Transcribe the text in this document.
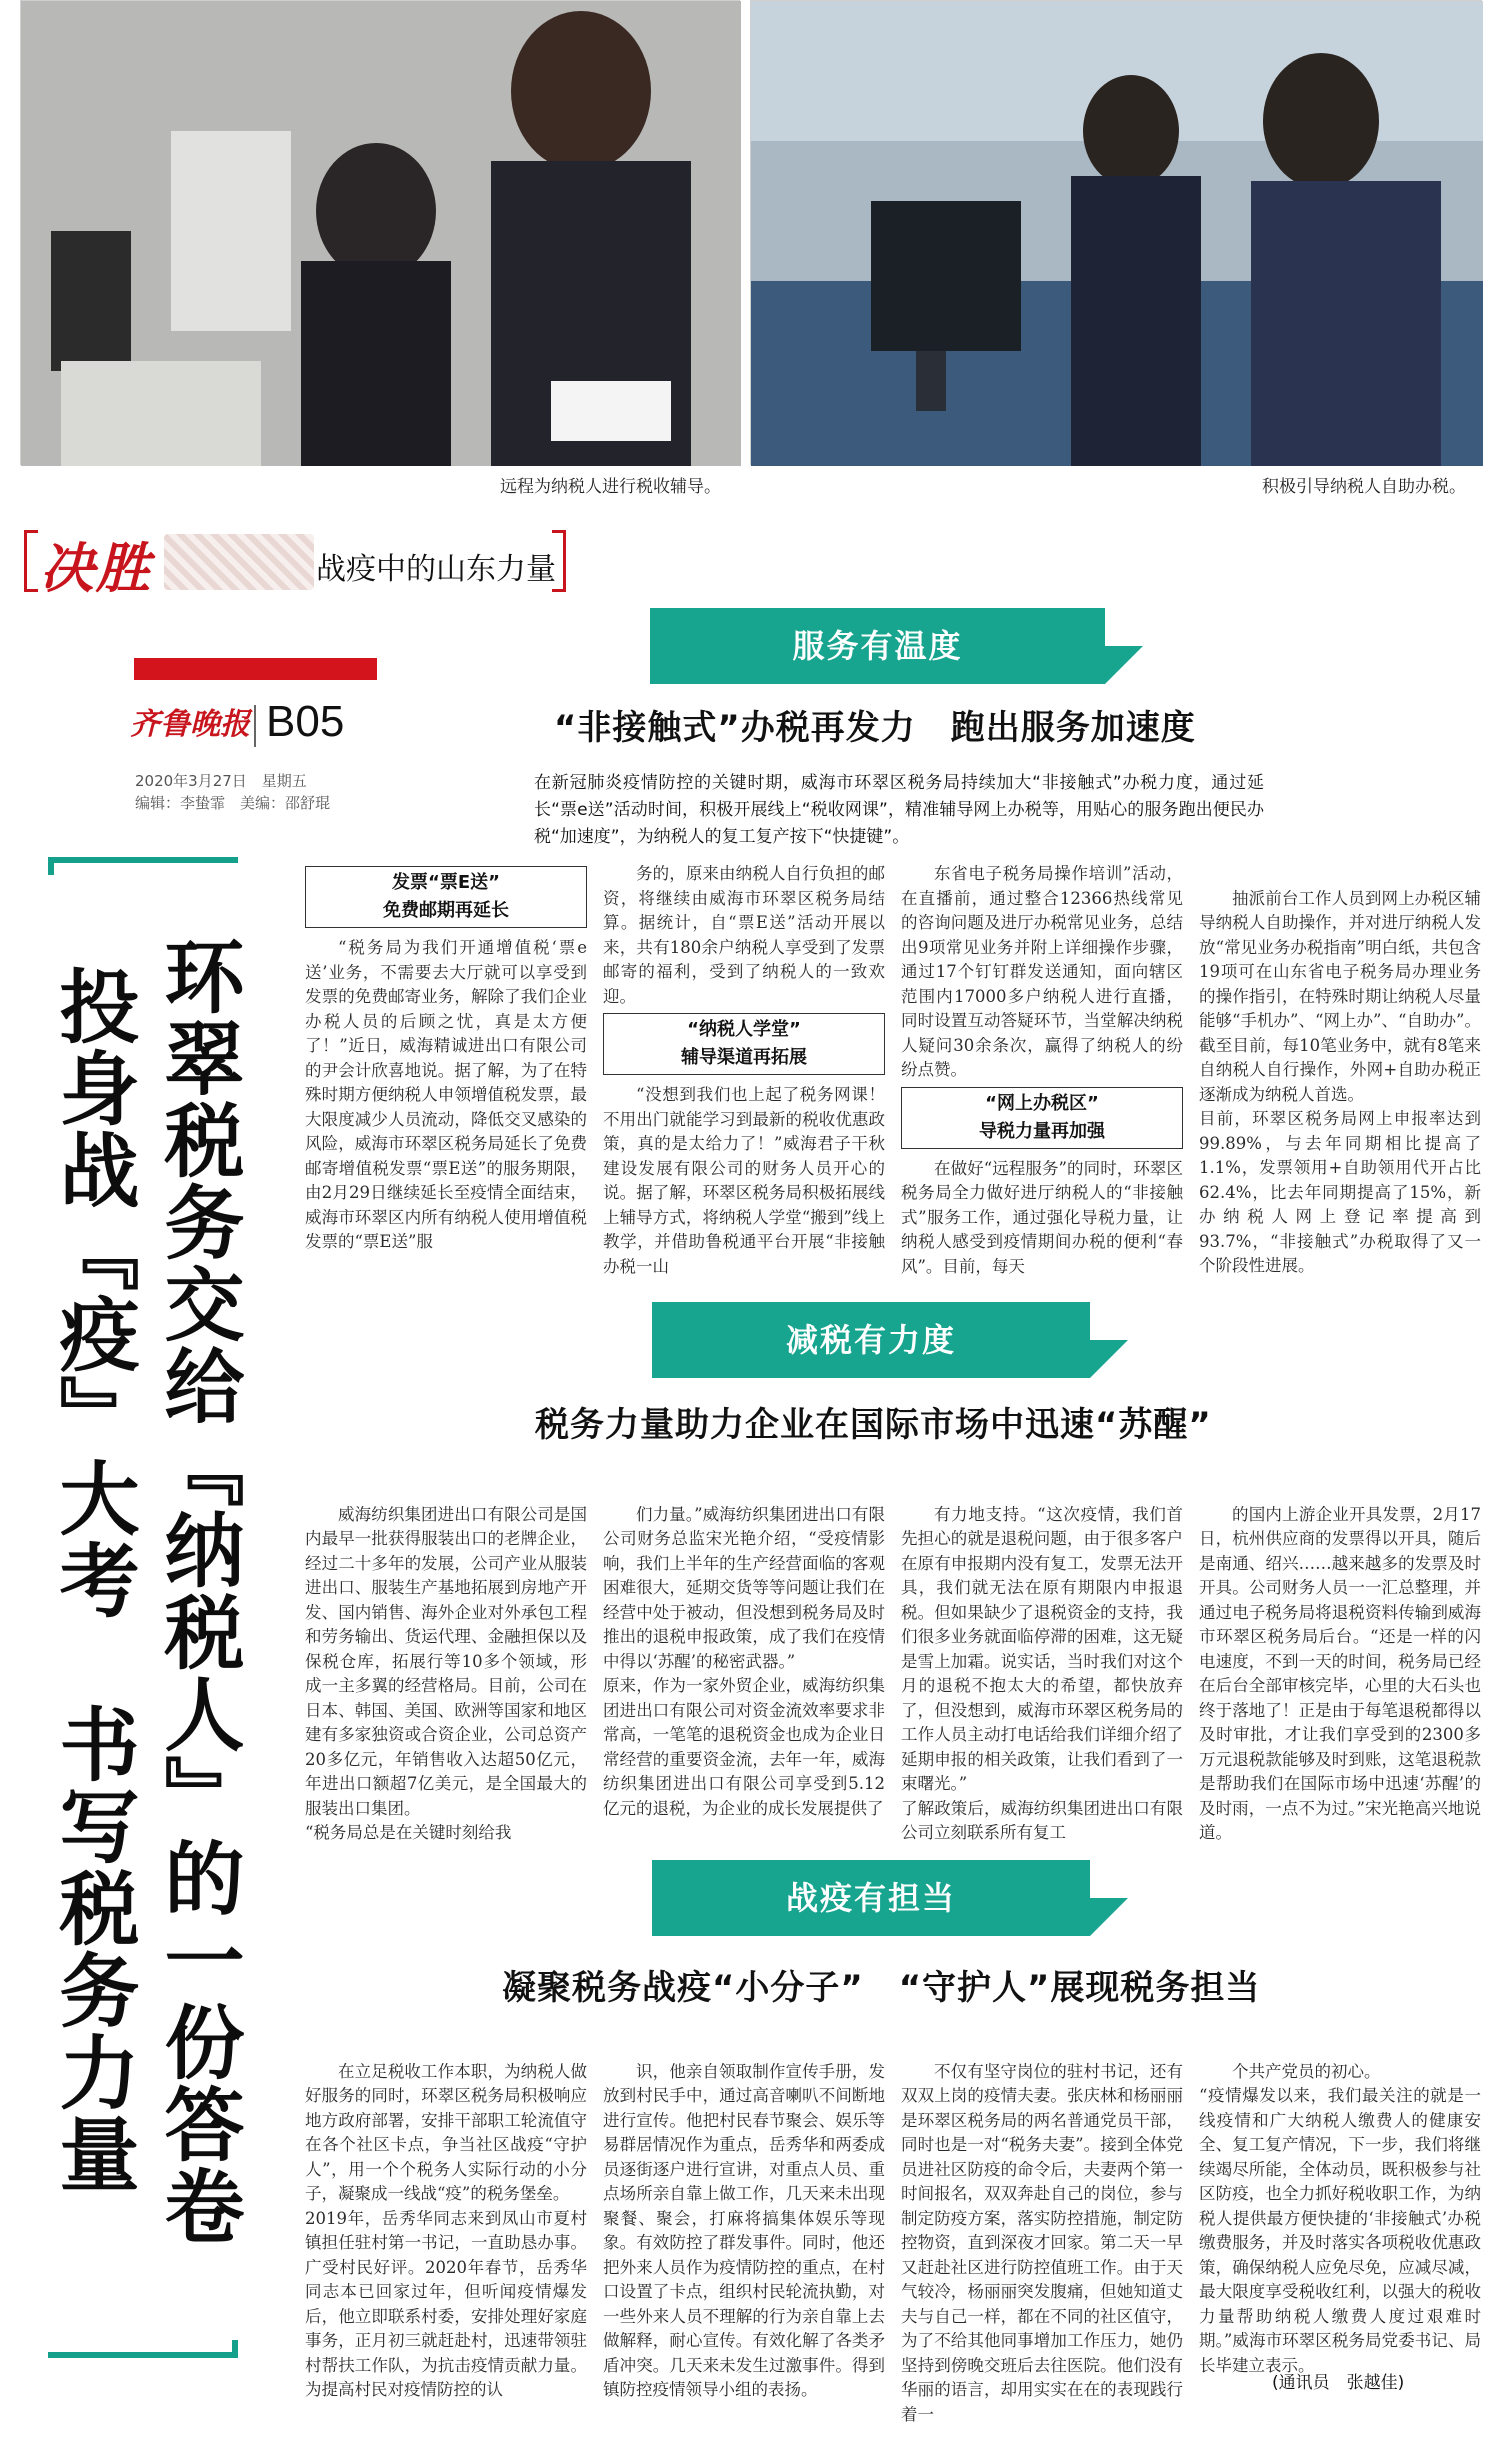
远程为纳税人进行税收辅导。	积极引导纳税人自助办税。
决胜	战疫中的山东力量
齐鲁晚报 B05
2020年3月27日　星期五
编辑：李蛰霏　美编：邵舒琨
环翠税务交给『纳税人』的一份答卷
投身战『疫』大考　书写税务力量
服务有温度
“非接触式”办税再发力　跑出服务加速度
在新冠肺炎疫情防控的关键时期，威海市环翠区税务局持续加大“非接触式”办税力度，通过延长“票e送”活动时间，积极开展线上“税收网课”，精准辅导网上办税等，用贴心的服务跑出便民办税“加速度”，为纳税人的复工复产按下“快捷键”。
发票“票E送”
免费邮期再延长

“税务局为我们开通增值税‘票e送’业务，不需要去大厅就可以享受到发票的免费邮寄业务，解除了我们企业办税人员的后顾之忧，真是太方便了！”近日，威海精诚进出口有限公司的尹会计欣喜地说。据了解，为了在特殊时期方便纳税人申领增值税发票，最大限度减少人员流动，降低交叉感染的风险，威海市环翠区税务局延长了免费邮寄增值税发票“票E送”的服务期限，由2月29日继续延长至疫情全面结束，威海市环翠区内所有纳税人使用增值税发票的“票E送”服

务的，原来由纳税人自行负担的邮资，将继续由威海市环翠区税务局结算。据统计，自“票E送”活动开展以来，共有180余户纳税人享受到了发票邮寄的福利，受到了纳税人的一致欢迎。

“纳税人学堂”
辅导渠道再拓展

“没想到我们也上起了税务网课！不用出门就能学习到最新的税收优惠政策，真的是太给力了！”威海君子干秋建设发展有限公司的财务人员开心的说。据了解，环翠区税务局积极拓展线上辅导方式，将纳税人学堂“搬到”线上教学，并借助鲁税通平台开展“非接触办税一山

东省电子税务局操作培训”活动，在直播前，通过整合12366热线常见的咨询问题及进厅办税常见业务，总结出9项常见业务并附上详细操作步骤，通过17个钉钉群发送通知，面向辖区范围内17000多户纳税人进行直播，同时设置互动答疑环节，当堂解决纳税人疑问30余条次，赢得了纳税人的纷纷点赞。

“网上办税区”
导税力量再加强

在做好“远程服务”的同时，环翠区税务局全力做好进厅纳税人的“非接触式”服务工作，通过强化导税力量，让纳税人感受到疫情期间办税的便利“春风”。目前，每天

抽派前台工作人员到网上办税区辅导纳税人自助操作，并对进厅纳税人发放“常见业务办税指南”明白纸，共包含19项可在山东省电子税务局办理业务的操作指引，在特殊时期让纳税人尽量能够“手机办”、“网上办”、“自助办”。截至目前，每10笔业务中，就有8笔来自纳税人自行操作，外网+自助办税正逐渐成为纳税人首选。
目前，环翠区税务局网上申报率达到99.89%，与去年同期相比提高了1.1%，发票领用+自助领用代开占比62.4%，比去年同期提高了15%，新办纳税人网上登记率提高到93.7%，“非接触式”办税取得了又一个阶段性进展。

减税有力度
税务力量助力企业在国际市场中迅速“苏醒”

威海纺织集团进出口有限公司是国内最早一批获得服装出口的老牌企业，经过二十多年的发展，公司产业从服装进出口、服装生产基地拓展到房地产开发、国内销售、海外企业对外承包工程和劳务输出、货运代理、金融担保以及保税仓库，拓展行等10多个领域，形成一主多翼的经营格局。目前，公司在日本、韩国、美国、欧洲等国家和地区建有多家独资或合资企业，公司总资产20多亿元，年销售收入达超50亿元，年进出口额超7亿美元，是全国最大的服装出口集团。
“税务局总是在关键时刻给我

们力量。”威海纺织集团进出口有限公司财务总监宋光艳介绍，“受疫情影响，我们上半年的生产经营面临的客观困难很大，延期交货等等问题让我们在经营中处于被动，但没想到税务局及时推出的退税申报政策，成了我们在疫情中得以‘苏醒’的秘密武器。”
原来，作为一家外贸企业，威海纺织集团进出口有限公司对资金流效率要求非常高，一笔笔的退税资金也成为企业日常经营的重要资金流，去年一年，威海纺织集团进出口有限公司享受到5.12亿元的退税，为企业的成长发展提供了

有力地支持。“这次疫情，我们首先担心的就是退税问题，由于很多客户在原有申报期内没有复工，发票无法开具，我们就无法在原有期限内申报退税。但如果缺少了退税资金的支持，我们很多业务就面临停滞的困难，这无疑是雪上加霜。说实话，当时我们对这个月的退税不抱太大的希望，都快放弃了，但没想到，威海市环翠区税务局的工作人员主动打电话给我们详细介绍了延期申报的相关政策，让我们看到了一束曙光。”
了解政策后，威海纺织集团进出口有限公司立刻联系所有复工

的国内上游企业开具发票，2月17日，杭州供应商的发票得以开具，随后是南通、绍兴……越来越多的发票及时开具。公司财务人员一一汇总整理，并通过电子税务局将退税资料传输到威海市环翠区税务局后台。“还是一样的闪电速度，不到一天的时间，税务局已经在后台全部审核完毕，心里的大石头也终于落地了！正是由于每笔退税都得以及时审批，才让我们享受到的2300多万元退税款能够及时到账，这笔退税款是帮助我们在国际市场中迅速‘苏醒’的及时雨，一点不为过。”宋光艳高兴地说道。

战疫有担当
凝聚税务战疫“小分子”　“守护人”展现税务担当

在立足税收工作本职，为纳税人做好服务的同时，环翠区税务局积极响应地方政府部署，安排干部职工轮流值守在各个社区卡点，争当社区战疫“守护人”，用一个个税务人实际行动的小分子，凝聚成一线战“疫”的税务堡垒。
2019年，岳秀华同志来到凤山市夏村镇担任驻村第一书记，一直助恳办事。广受村民好评。2020年春节，岳秀华同志本已回家过年，但听闻疫情爆发后，他立即联系村委，安排处理好家庭事务，正月初三就赶赴村，迅速带领驻村帮扶工作队，为抗击疫情贡献力量。为提高村民对疫情防控的认

识，他亲自领取制作宣传手册，发放到村民手中，通过高音喇叭不间断地进行宣传。他把村民春节聚会、娱乐等易群居情况作为重点，岳秀华和两委成员逐街逐户进行宣讲，对重点人员、重点场所亲自靠上做工作，几天来未出现聚餐、聚会，打麻将搞集体娱乐等现象。有效防控了群发事件。同时，他还把外来人员作为疫情防控的重点，在村口设置了卡点，组织村民轮流执勤，对一些外来人员不理解的行为亲自靠上去做解释，耐心宣传。有效化解了各类矛盾冲突。几天来未发生过激事件。得到镇防控疫情领导小组的表扬。

不仅有坚守岗位的驻村书记，还有双双上岗的疫情夫妻。张庆林和杨丽丽是环翠区税务局的两名普通党员干部，同时也是一对“税务夫妻”。接到全体党员进社区防疫的命令后，夫妻两个第一时间报名，双双奔赴自己的岗位，参与制定防疫方案，落实防控措施，制定防控物资，直到深夜才回家。第二天一早又赶赴社区进行防控值班工作。由于天气较冷，杨丽丽突发腹痛，但她知道丈夫与自己一样，都在不同的社区值守，为了不给其他同事增加工作压力，她仍坚持到傍晚交班后去往医院。他们没有华丽的语言，却用实实在在的表现践行着一

个共产党员的初心。
“疫情爆发以来，我们最关注的就是一线疫情和广大纳税人缴费人的健康安全、复工复产情况，下一步，我们将继续竭尽所能，全体动员，既积极参与社区防疫，也全力抓好税收职工作，为纳税人提供最方便快捷的‘非接触式’办税缴费服务，并及时落实各项税收优惠政策，确保纳税人应免尽免，应减尽减，最大限度享受税收红利，以强大的税收力量帮助纳税人缴费人度过艰难时期。”威海市环翠区税务局党委书记、局长毕建立表示。

(通讯员　张越佳)
